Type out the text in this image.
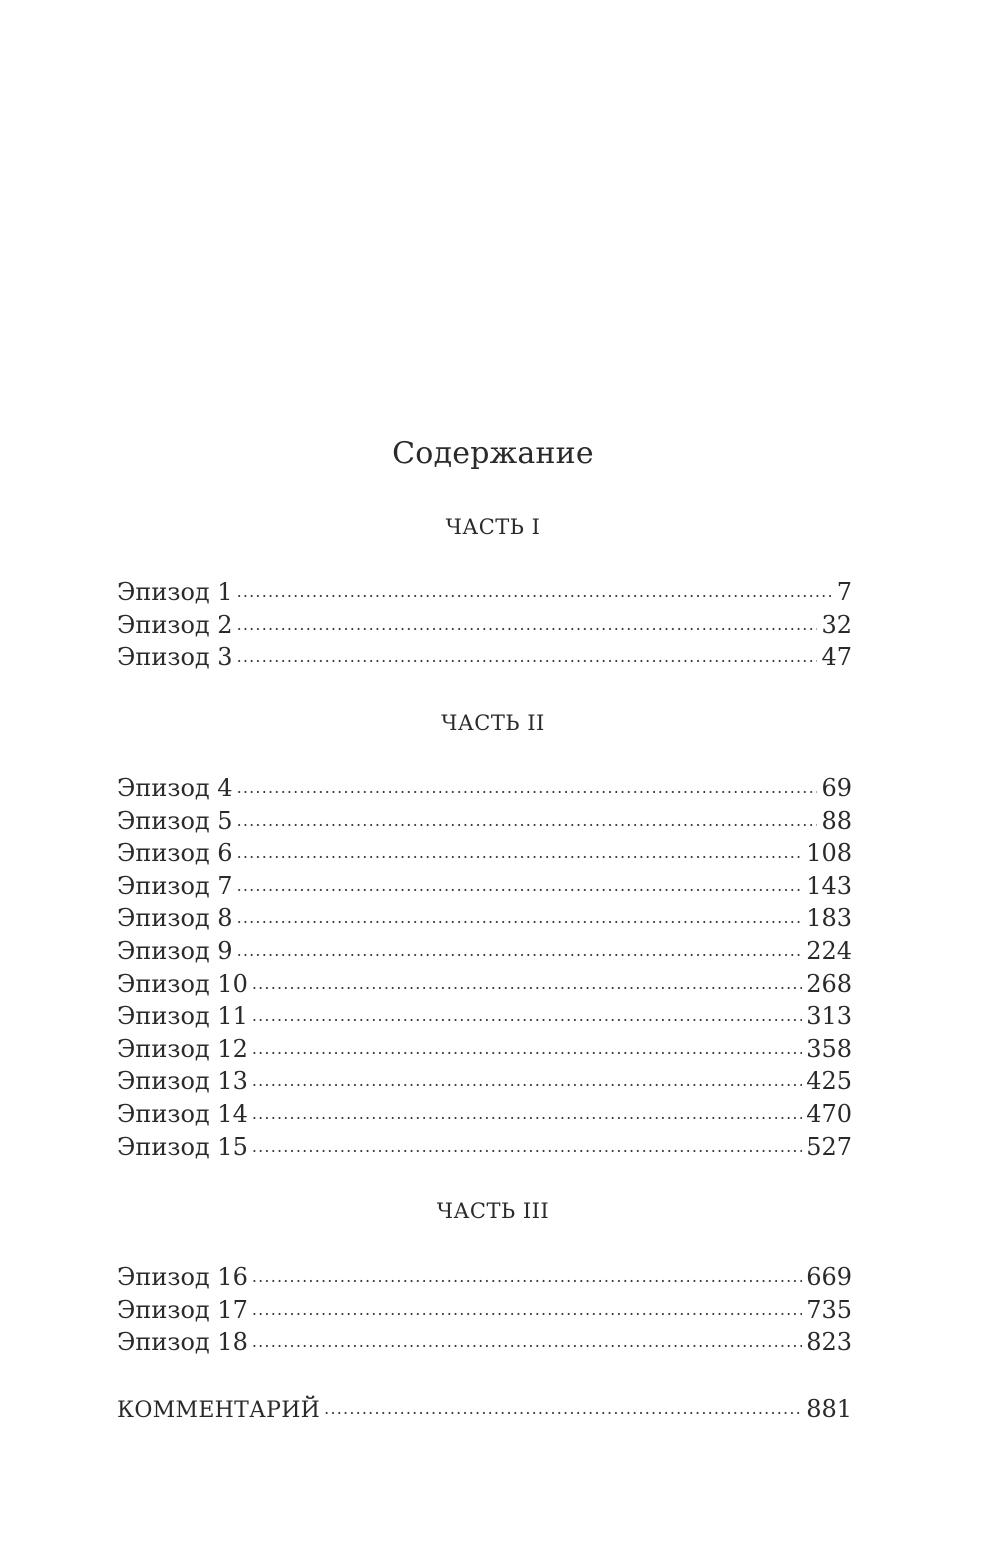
Содержание
ЧАСТЬ I
Эпизод 1 .....	7
Эпизод 2 .....	32
Эпизод 3 .....	47
ЧАСТЬ II
Эпизод 4 .....	69
Эпизод 5 .....	88
Эпизод 6 .....	108
Эпизод 7 .....	143
Эпизод 8 .....	183
Эпизод 9 .....	224
Эпизод 10 .....	268
Эпизод 11 .....	313
Эпизод 12 .....	358
Эпизод 13 .....	425
Эпизод 14 .....	470
Эпизод 15 .....	527
ЧАСТЬ III
Эпизод 16 .....	669
Эпизод 17 .....	735
Эпизод 18 .....	823
КОММЕНТАРИЙ .....	881
